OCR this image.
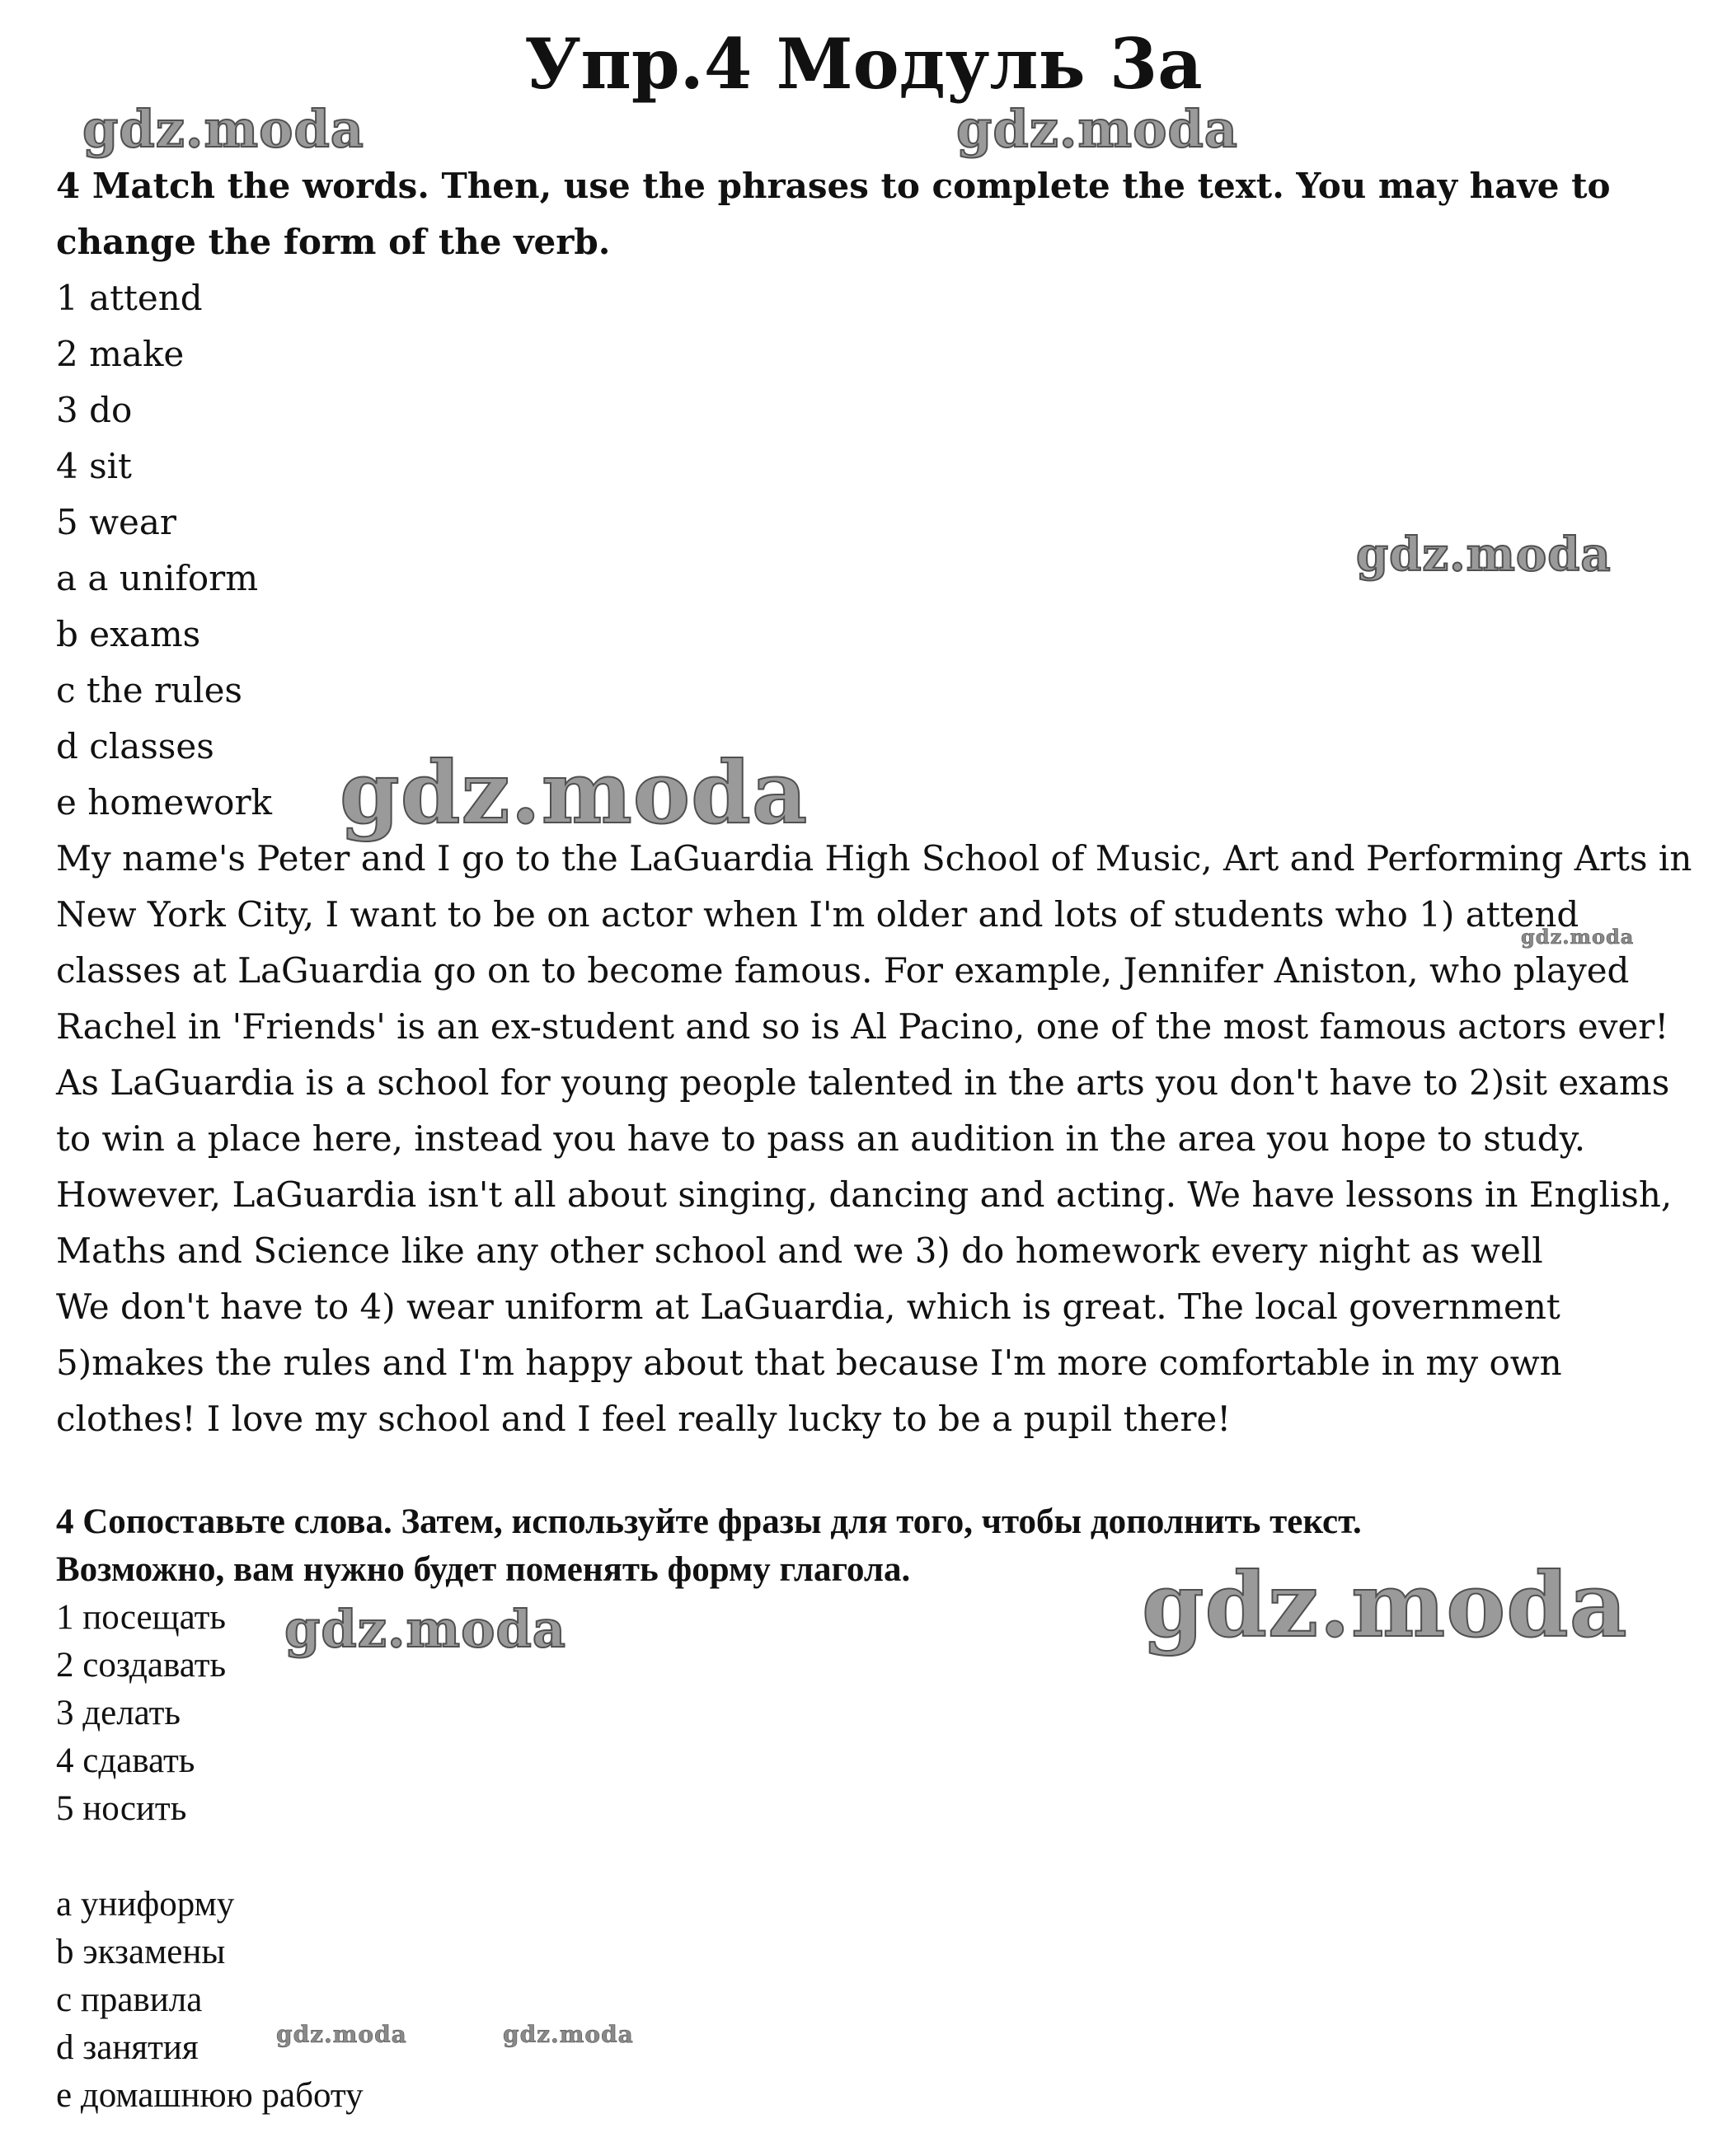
Упр.4 Модуль 3а
4 Match the words. Then, use the phrases to complete the text. You may have to
change the form of the verb.
1 attend
2 make
3 do
4 sit
5 wear
a a uniform
b exams
c the rules
d classes
e homework
My name's Peter and I go to the LaGuardia High School of Music, Art and Performing Arts in
New York City, I want to be on actor when I'm older and lots of students who 1) attend
classes at LaGuardia go on to become famous. For example, Jennifer Aniston, who played
Rachel in 'Friends' is an ex-student and so is Al Pacino, one of the most famous actors ever!
As LaGuardia is a school for young people talented in the arts you don't have to 2)sit exams
to win a place here, instead you have to pass an audition in the area you hope to study.
However, LaGuardia isn't all about singing, dancing and acting. We have lessons in English,
Maths and Science like any other school and we 3) do homework every night as well
We don't have to 4) wear uniform at LaGuardia, which is great. The local government
5)makes the rules and I'm happy about that because I'm more comfortable in my own
clothes! I love my school and I feel really lucky to be a pupil there!
4 Сопоставьте слова. Затем, используйте фразы для того, чтобы дополнить текст.
Возможно, вам нужно будет поменять форму глагола.
1 посещать
2 создавать
3 делать
4 сдавать
5 носить
a униформу
b экзамены
c правила
d занятия
e домашнюю работу
gdz.moda	gdz.moda
gdz.moda
gdz.moda
gdz.moda
gdz.moda
gdz.moda
gdz.moda	gdz.moda
